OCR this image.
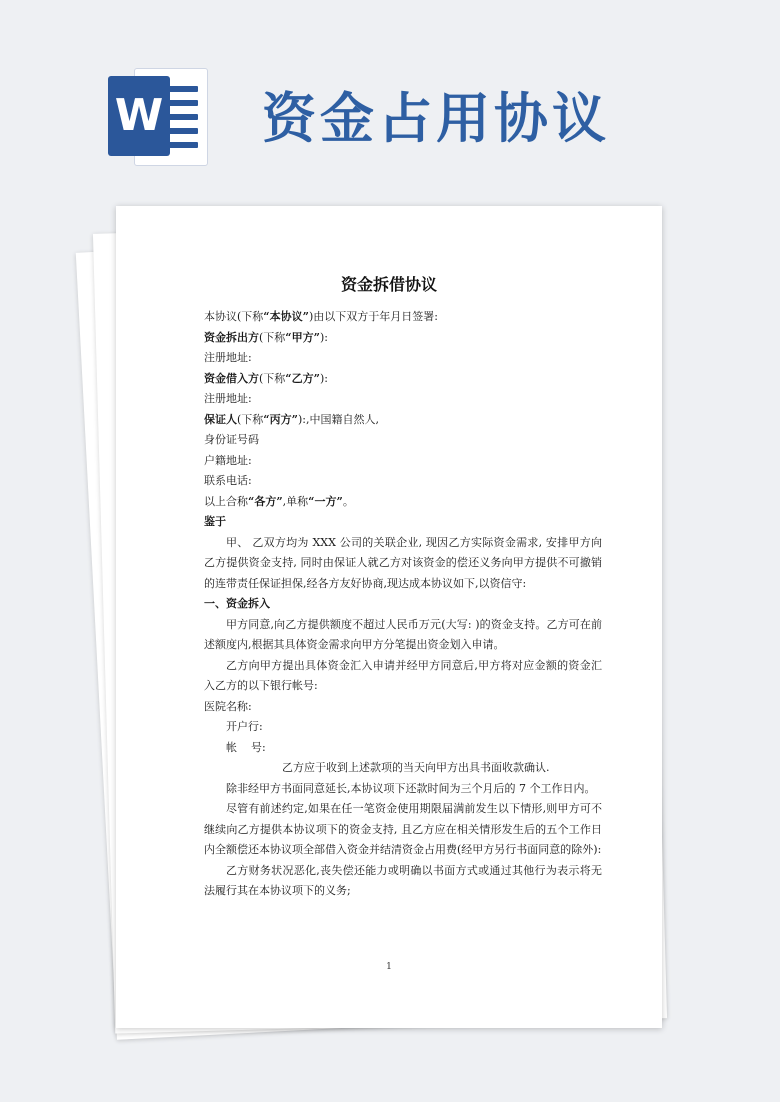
W 资金占用协议
资金拆借协议

本协议(下称“本协议”)由以下双方于年月日签署:

资金拆出方(下称“甲方”):

注册地址:

资金借入方(下称“乙方”):

注册地址:

保证人(下称“丙方”):,中国籍自然人,

身份证号码

户籍地址:

联系电话:

以上合称“各方”,单称“一方”。

鉴于

甲、 乙双方均为 XXX 公司的关联企业, 现因乙方实际资金需求, 安排甲方向乙方提供资金支持, 同时由保证人就乙方对该资金的偿还义务向甲方提供不可撤销的连带责任保证担保,经各方友好协商,现达成本协议如下,以资信守:

一、资金拆入

甲方同意,向乙方提供额度不超过人民币万元(大写: )的资金支持。乙方可在前述额度内,根据其具体资金需求向甲方分笔提出资金划入申请。

乙方向甲方提出具体资金汇入申请并经甲方同意后,甲方将对应金额的资金汇入乙方的以下银行帐号:

医院名称:

开户行:

帐 号:

乙方应于收到上述款项的当天向甲方出具书面收款确认.

除非经甲方书面同意延长,本协议项下还款时间为三个月后的 7 个工作日内。

尽管有前述约定,如果在任一笔资金使用期限届满前发生以下情形,则甲方可不继续向乙方提供本协议项下的资金支持, 且乙方应在相关情形发生后的五个工作日内全额偿还本协议项全部借入资金并结清资金占用费(经甲方另行书面同意的除外):

乙方财务状况恶化,丧失偿还能力或明确以书面方式或通过其他行为表示将无法履行其在本协议项下的义务;

1
